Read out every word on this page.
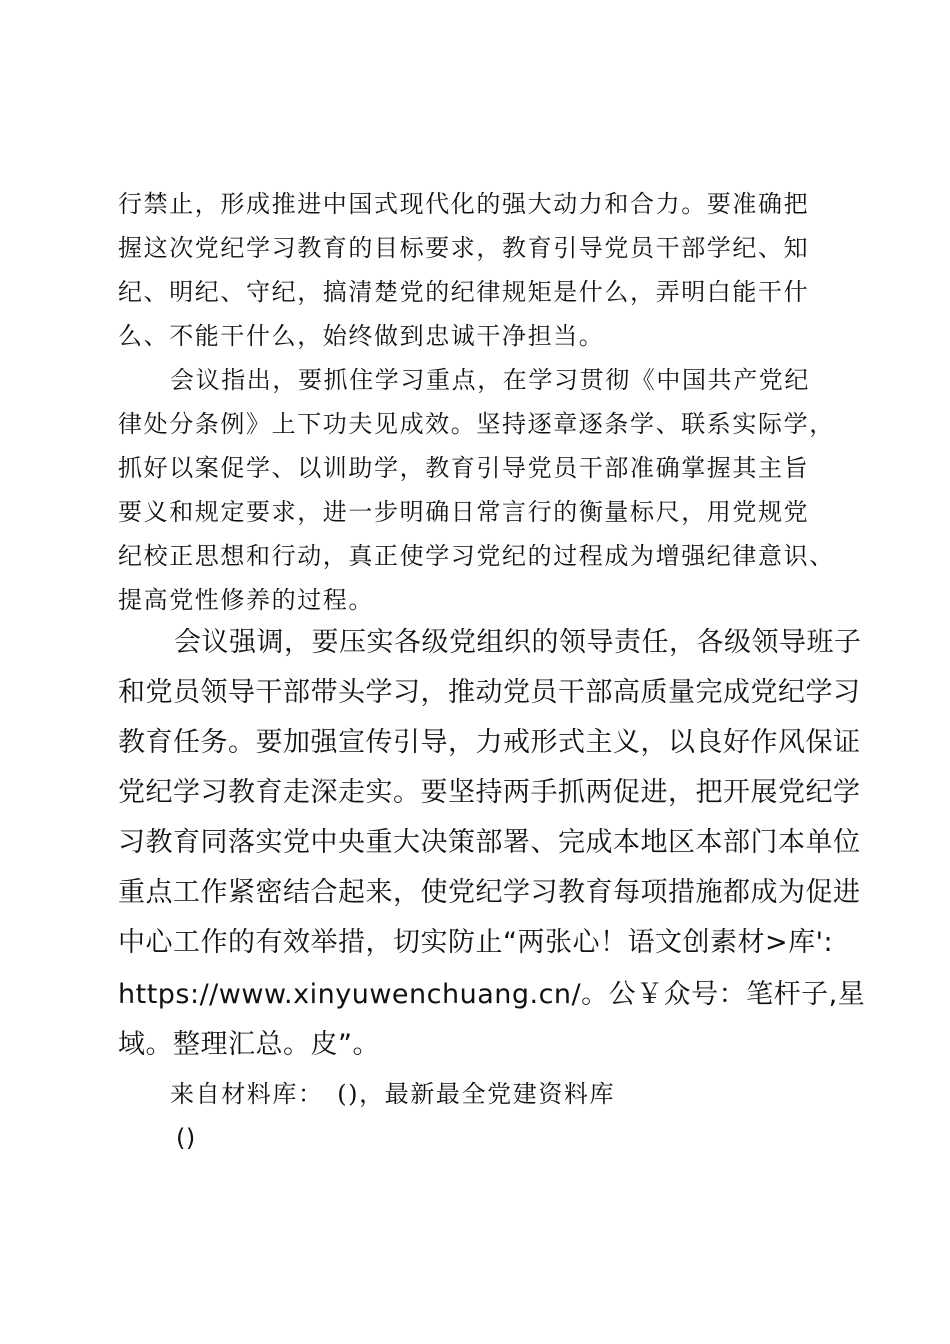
行禁止，形成推进中国式现代化的强大动力和合力。要准确把

握这次党纪学习教育的目标要求，教育引导党员干部学纪、知

纪、明纪、守纪，搞清楚党的纪律规矩是什么，弄明白能干什

么、不能干什么，始终做到忠诚干净担当。

会议指出，要抓住学习重点，在学习贯彻《中国共产党纪

律处分条例》上下功夫见成效。坚持逐章逐条学、联系实际学，

抓好以案促学、以训助学，教育引导党员干部准确掌握其主旨

要义和规定要求，进一步明确日常言行的衡量标尺，用党规党

纪校正思想和行动，真正使学习党纪的过程成为增强纪律意识、

提高党性修养的过程。

会议强调，要压实各级党组织的领导责任，各级领导班子

和党员领导干部带头学习，推动党员干部高质量完成党纪学习

教育任务。要加强宣传引导，力戒形式主义，以良好作风保证

党纪学习教育走深走实。要坚持两手抓两促进，把开展党纪学

习教育同落实党中央重大决策部署、完成本地区本部门本单位

重点工作紧密结合起来，使党纪学习教育每项措施都成为促进

中心工作的有效举措，切实防止“两张心！语文创素材>库':

https://www.xinyuwenchuang.cn/。公￥众号：笔杆子,星

域。整理汇总。皮”。

来自材料库：　()，最新最全党建资料库

()
